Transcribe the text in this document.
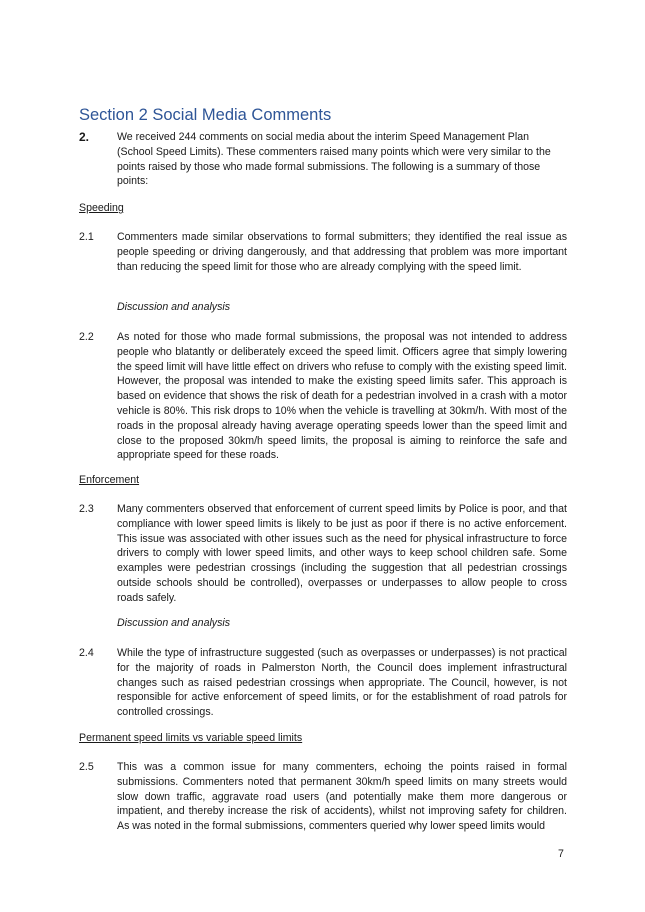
Section 2 Social Media Comments
2.	We received 244 comments on social media about the interim Speed Management Plan (School Speed Limits). These commenters raised many points which were very similar to the points raised by those who made formal submissions. The following is a summary of those points:
Speeding
2.1 Commenters made similar observations to formal submitters; they identified the real issue as people speeding or driving dangerously, and that addressing that problem was more important than reducing the speed limit for those who are already complying with the speed limit.
Discussion and analysis
2.2 As noted for those who made formal submissions, the proposal was not intended to address people who blatantly or deliberately exceed the speed limit. Officers agree that simply lowering the speed limit will have little effect on drivers who refuse to comply with the existing speed limit. However, the proposal was intended to make the existing speed limits safer. This approach is based on evidence that shows the risk of death for a pedestrian involved in a crash with a motor vehicle is 80%. This risk drops to 10% when the vehicle is travelling at 30km/h. With most of the roads in the proposal already having average operating speeds lower than the speed limit and close to the proposed 30km/h speed limits, the proposal is aiming to reinforce the safe and appropriate speed for these roads.
Enforcement
2.3 Many commenters observed that enforcement of current speed limits by Police is poor, and that compliance with lower speed limits is likely to be just as poor if there is no active enforcement. This issue was associated with other issues such as the need for physical infrastructure to force drivers to comply with lower speed limits, and other ways to keep school children safe. Some examples were pedestrian crossings (including the suggestion that all pedestrian crossings outside schools should be controlled), overpasses or underpasses to allow people to cross roads safely.
Discussion and analysis
2.4 While the type of infrastructure suggested (such as overpasses or underpasses) is not practical for the majority of roads in Palmerston North, the Council does implement infrastructural changes such as raised pedestrian crossings when appropriate. The Council, however, is not responsible for active enforcement of speed limits, or for the establishment of road patrols for controlled crossings.
Permanent speed limits vs variable speed limits
2.5 This was a common issue for many commenters, echoing the points raised in formal submissions. Commenters noted that permanent 30km/h speed limits on many streets would slow down traffic, aggravate road users (and potentially make them more dangerous or impatient, and thereby increase the risk of accidents), whilst not improving safety for children. As was noted in the formal submissions, commenters queried why lower speed limits would
7
